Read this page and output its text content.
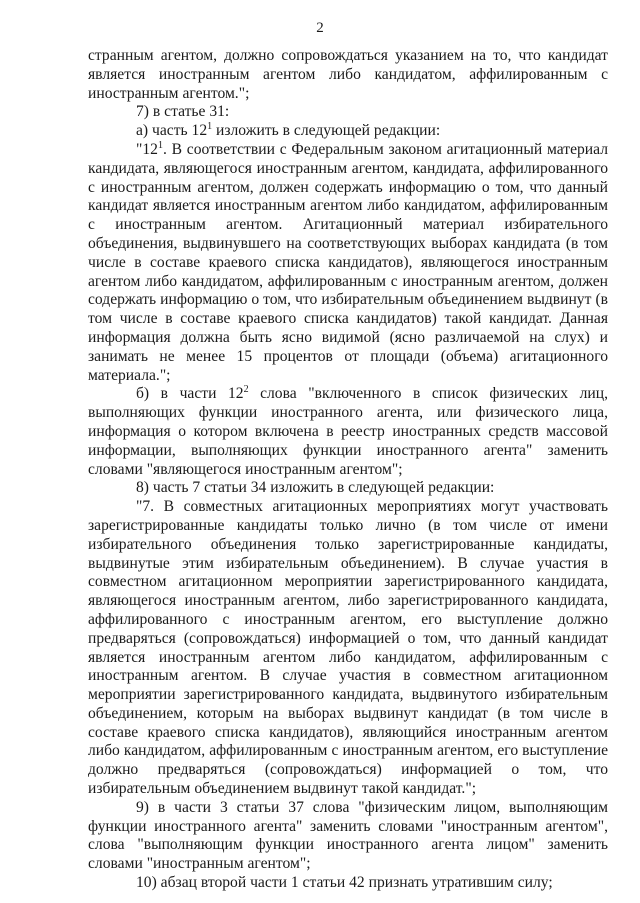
2

странным агентом, должно сопровождаться указанием на то, что кандидат является иностранным агентом либо кандидатом, аффилированным с иностранным агентом.";

7) в статье 31:

а) часть $12^1$ изложить в следующей редакции:

"$12^1$. В соответствии с Федеральным законом агитационный материал кандидата, являющегося иностранным агентом, кандидата, аффилированного с иностранным агентом, должен содержать информацию о том, что данный кандидат является иностранным агентом либо кандидатом, аффилированным с иностранным агентом. Агитационный материал избирательного объединения, выдвинувшего на соответствующих выборах кандидата (в том числе в составе краевого списка кандидатов), являющегося иностранным агентом либо кандидатом, аффилированным с иностранным агентом, должен содержать информацию о том, что избирательным объединением выдвинут (в том числе в составе краевого списка кандидатов) такой кандидат. Данная информация должна быть ясно видимой (ясно различаемой на слух) и занимать не менее 15 процентов от площади (объема) агитационного материала.";

б) в части $12^2$ слова "включенного в список физических лиц, выполняющих функции иностранного агента, или физического лица, информация о котором включена в реестр иностранных средств массовой информации, выполняющих функции иностранного агента" заменить словами "являющегося иностранным агентом";

8) часть 7 статьи 34 изложить в следующей редакции:

"7. В совместных агитационных мероприятиях могут участвовать зарегистрированные кандидаты только лично (в том числе от имени избирательного объединения только зарегистрированные кандидаты, выдвинутые этим избирательным объединением). В случае участия в совместном агитационном мероприятии зарегистрированного кандидата, являющегося иностранным агентом, либо зарегистрированного кандидата, аффилированного с иностранным агентом, его выступление должно предваряться (сопровождаться) информацией о том, что данный кандидат является иностранным агентом либо кандидатом, аффилированным с иностранным агентом. В случае участия в совместном агитационном мероприятии зарегистрированного кандидата, выдвинутого избирательным объединением, которым на выборах выдвинут кандидат (в том числе в составе краевого списка кандидатов), являющийся иностранным агентом либо кандидатом, аффилированным с иностранным агентом, его выступление должно предваряться (сопровождаться) информацией о том, что избирательным объединением выдвинут такой кандидат.";

9) в части 3 статьи 37 слова "физическим лицом, выполняющим функции иностранного агента" заменить словами "иностранным агентом", слова "выполняющим функции иностранного агента лицом" заменить словами "иностранным агентом";

10) абзац второй части 1 статьи 42 признать утратившим силу;
